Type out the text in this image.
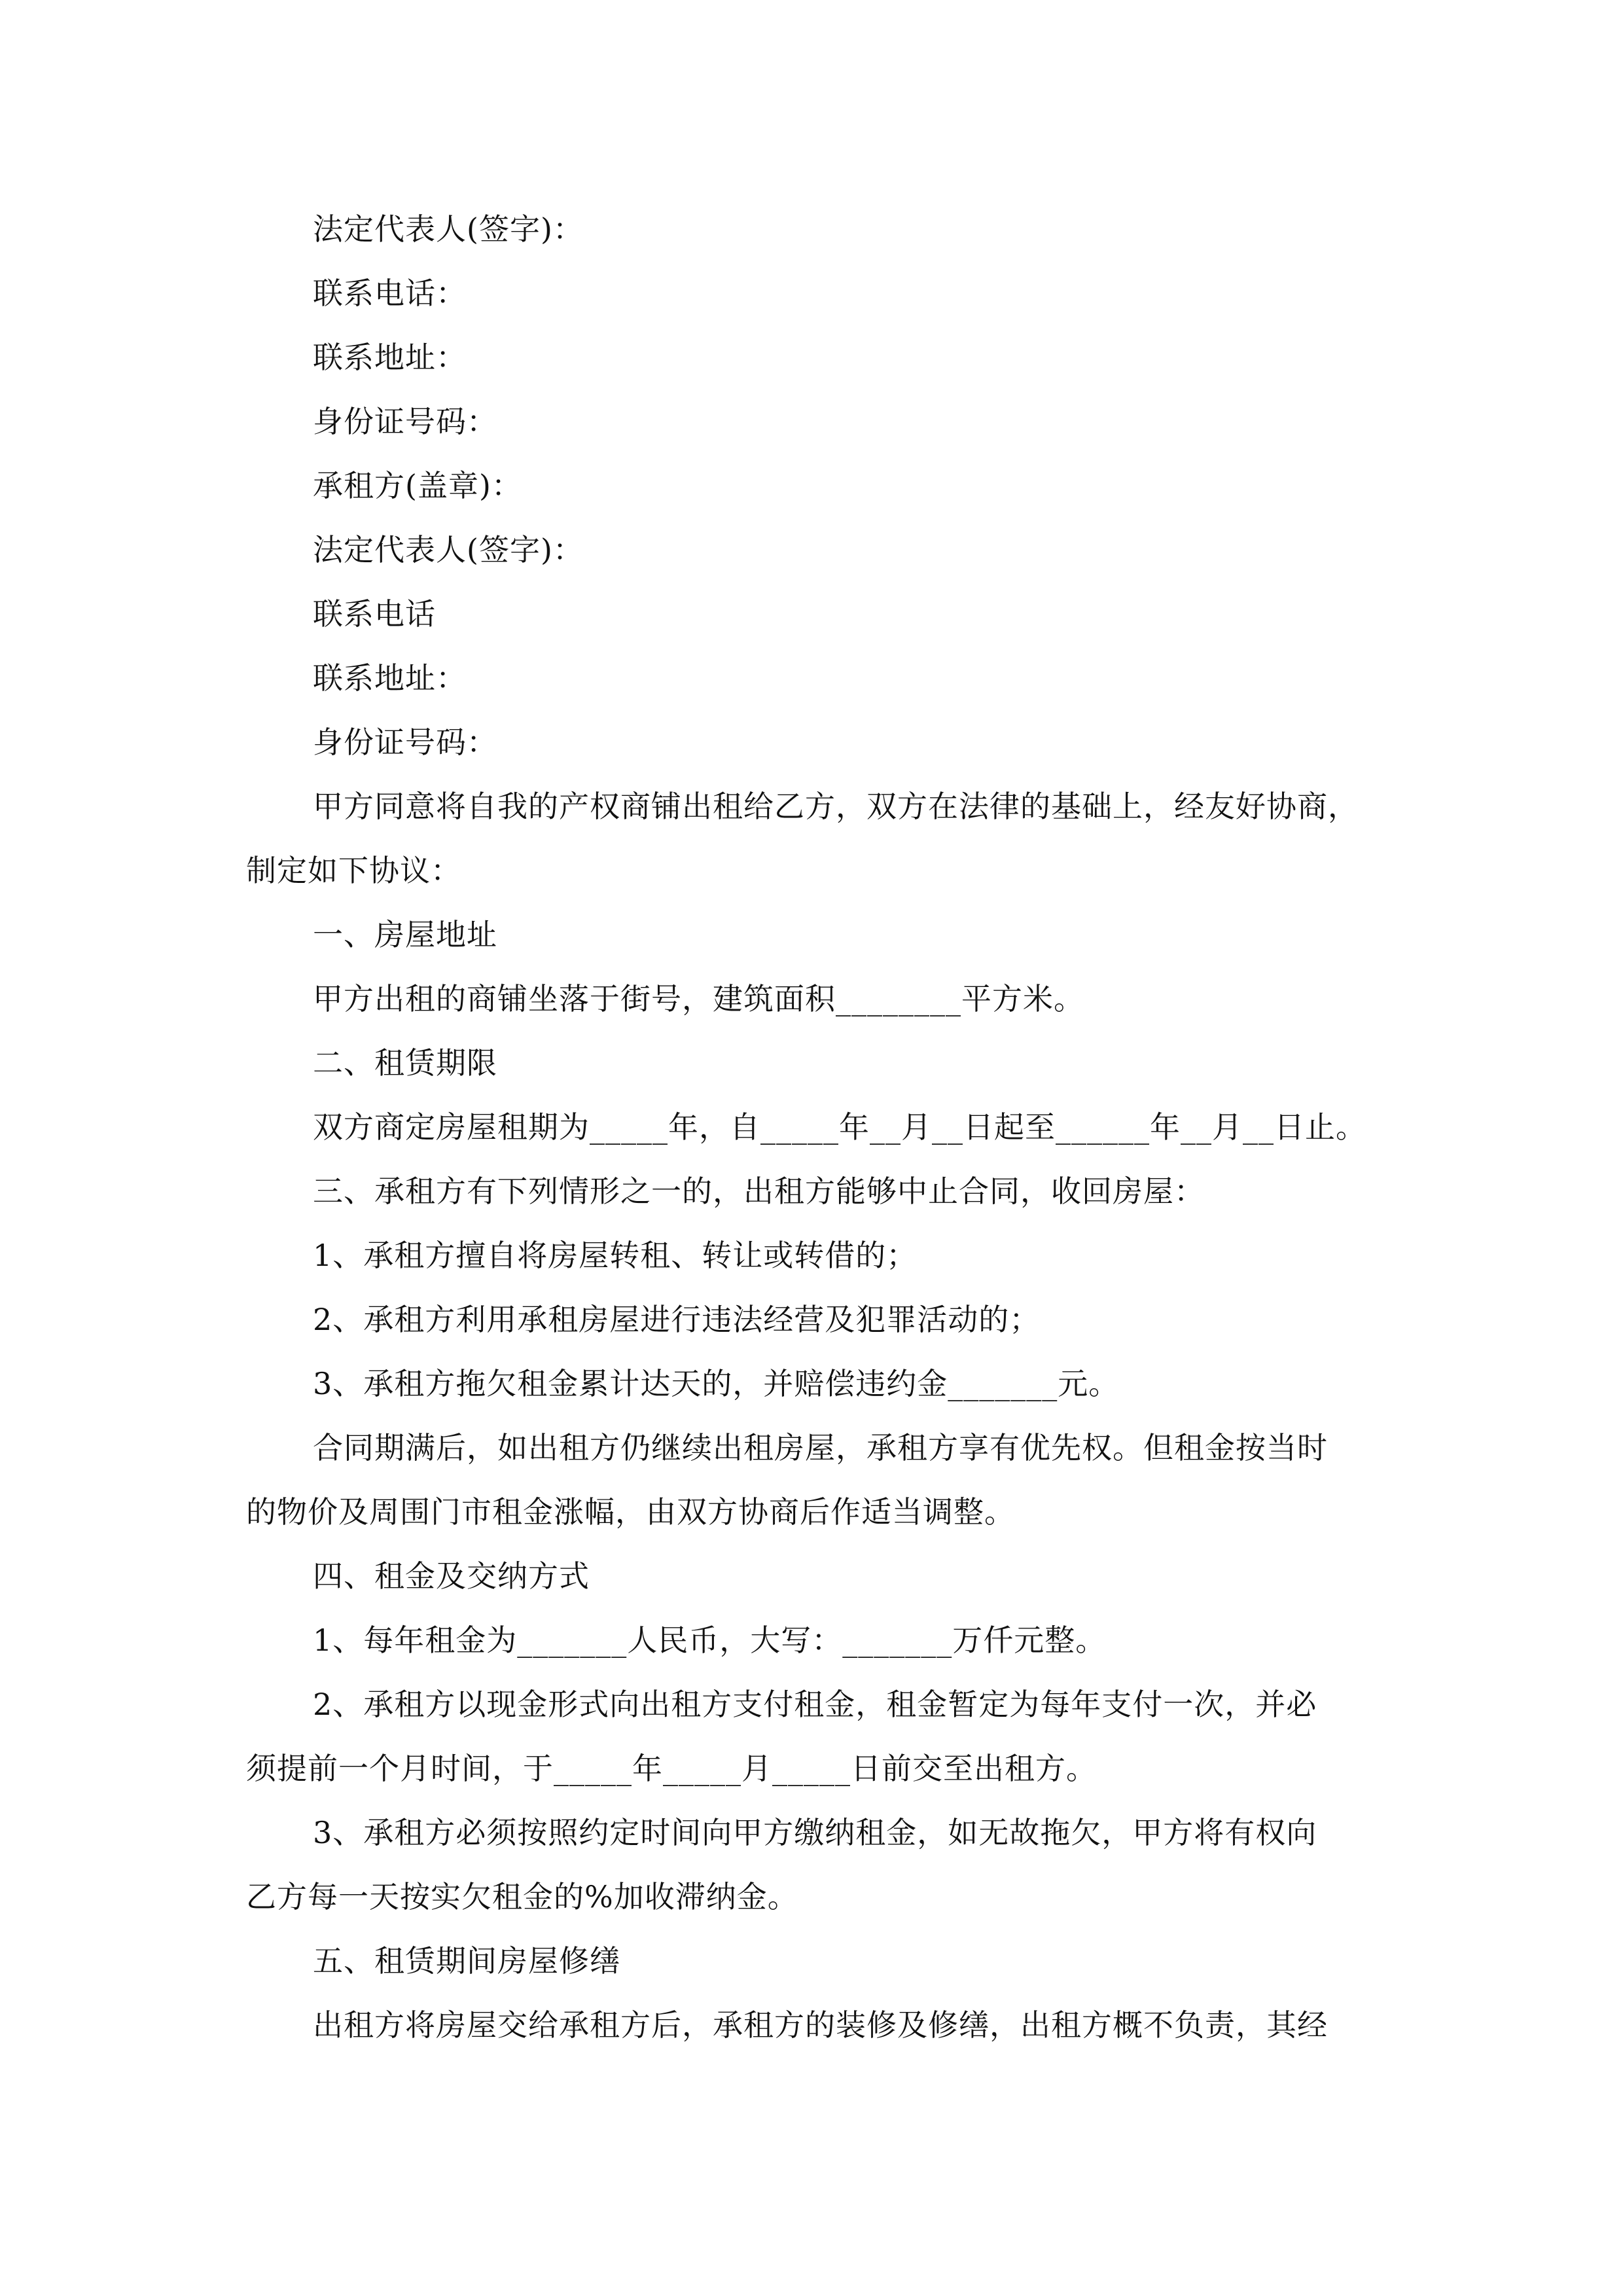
法定代表人(签字)：
联系电话：
联系地址：
身份证号码：
承租方(盖章)：
法定代表人(签字)：
联系电话
联系地址：
身份证号码：
甲方同意将自我的产权商铺出租给乙方，双方在法律的基础上，经友好协商，
制定如下协议：
一、房屋地址
甲方出租的商铺坐落于街号，建筑面积________平方米。
二、租赁期限
双方商定房屋租期为_____年，自_____年__月__日起至______年__月__日止。
三、承租方有下列情形之一的，出租方能够中止合同，收回房屋：
1、承租方擅自将房屋转租、转让或转借的；
2、承租方利用承租房屋进行违法经营及犯罪活动的；
3、承租方拖欠租金累计达天的，并赔偿违约金_______元。
合同期满后，如出租方仍继续出租房屋，承租方享有优先权。但租金按当时
的物价及周围门市租金涨幅，由双方协商后作适当调整。
四、租金及交纳方式
1、每年租金为_______人民币，大写：_______万仟元整。
2、承租方以现金形式向出租方支付租金，租金暂定为每年支付一次，并必
须提前一个月时间，于_____年_____月_____日前交至出租方。
3、承租方必须按照约定时间向甲方缴纳租金，如无故拖欠，甲方将有权向
乙方每一天按实欠租金的%加收滞纳金。
五、租赁期间房屋修缮
出租方将房屋交给承租方后，承租方的装修及修缮，出租方概不负责，其经
